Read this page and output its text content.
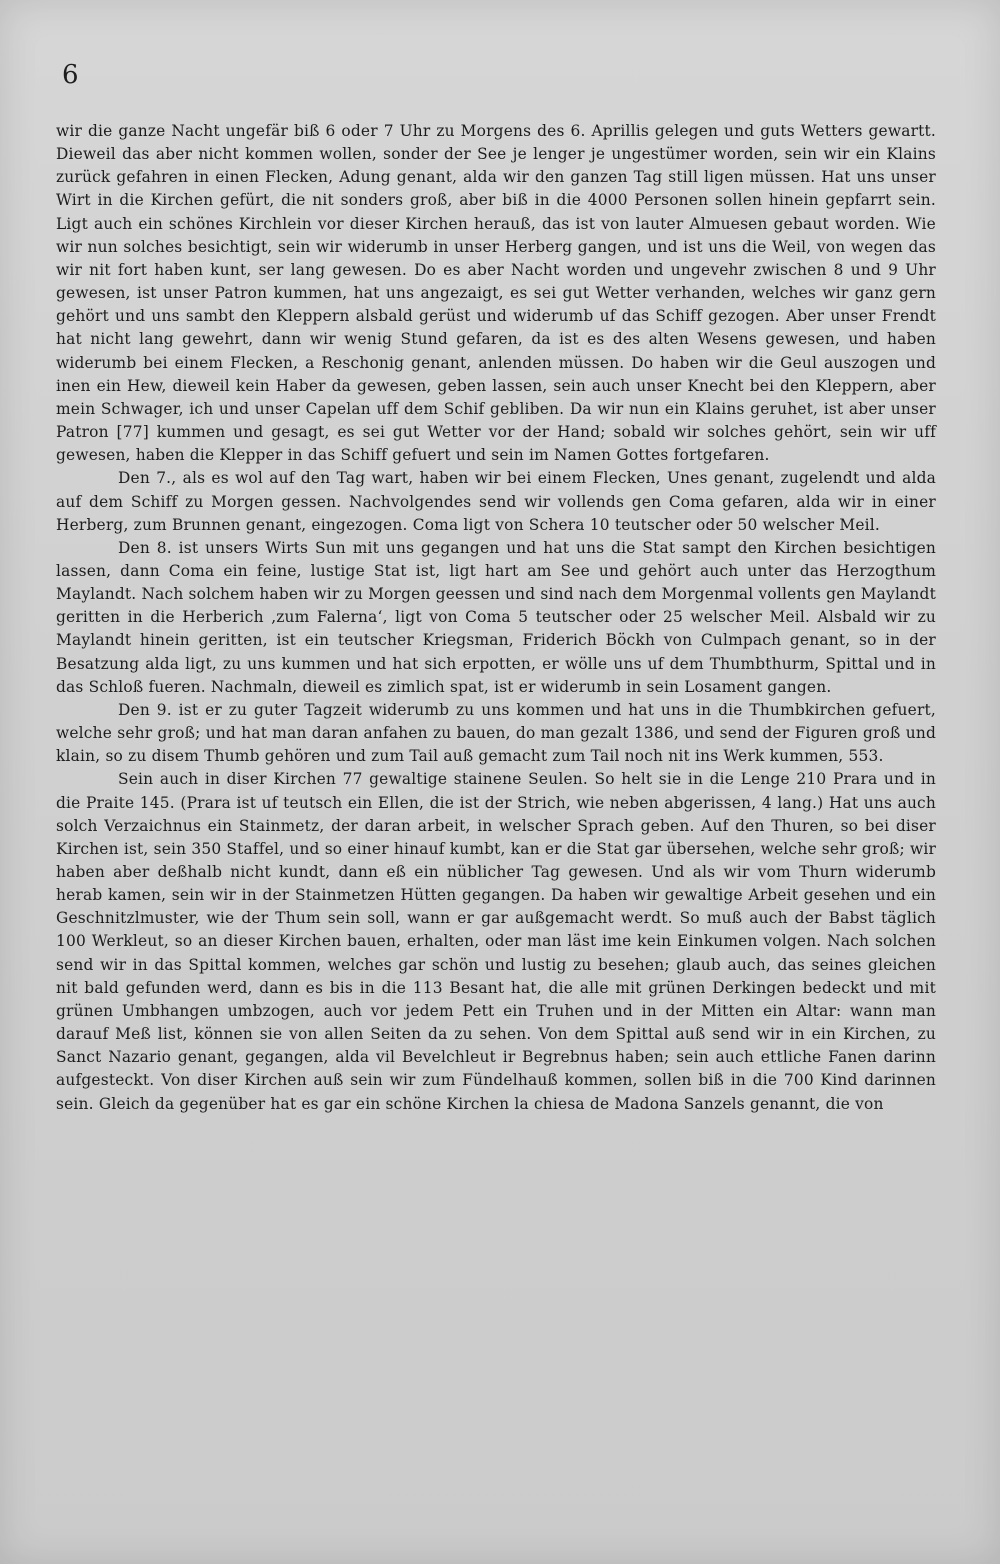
6

wir die ganze Nacht ungefär biß 6 oder 7 Uhr zu Morgens des 6. Aprillis gelegen und guts Wetters gewartt. Dieweil das aber nicht kommen wollen, sonder der See je lenger je ungestümer worden, sein wir ein Klains zurück gefahren in einen Flecken, Adung genant, alda wir den ganzen Tag still ligen müssen. Hat uns unser Wirt in die Kirchen gefürt, die nit sonders groß, aber biß in die 4000 Personen sollen hinein gepfarrt sein. Ligt auch ein schönes Kirchlein vor dieser Kirchen herauß, das ist von lauter Almuesen gebaut worden. Wie wir nun solches besichtigt, sein wir widerumb in unser Herberg gangen, und ist uns die Weil, von wegen das wir nit fort haben kunt, ser lang gewesen. Do es aber Nacht worden und ungevehr zwischen 8 und 9 Uhr gewesen, ist unser Patron kummen, hat uns angezaigt, es sei gut Wetter verhanden, welches wir ganz gern gehört und uns sambt den Kleppern alsbald gerüst und widerumb uf das Schiff gezogen. Aber unser Frendt hat nicht lang gewehrt, dann wir wenig Stund gefaren, da ist es des alten Wesens gewesen, und haben widerumb bei einem Flecken, a Reschonig genant, anlenden müssen. Do haben wir die Geul auszogen und inen ein Hew, dieweil kein Haber da gewesen, geben lassen, sein auch unser Knecht bei den Kleppern, aber mein Schwager, ich und unser Capelan uff dem Schif gebliben. Da wir nun ein Klains geruhet, ist aber unser Patron [77] kummen und gesagt, es sei gut Wetter vor der Hand; sobald wir solches gehört, sein wir uff gewesen, haben die Klepper in das Schiff gefuert und sein im Namen Gottes fortgefaren.

Den 7., als es wol auf den Tag wart, haben wir bei einem Flecken, Unes genant, zugelendt und alda auf dem Schiff zu Morgen gessen. Nachvolgendes send wir vollends gen Coma gefaren, alda wir in einer Herberg, zum Brunnen genant, eingezogen. Coma ligt von Schera 10 teutscher oder 50 welscher Meil.

Den 8. ist unsers Wirts Sun mit uns gegangen und hat uns die Stat sampt den Kirchen besichtigen lassen, dann Coma ein feine, lustige Stat ist, ligt hart am See und gehört auch unter das Herzogthum Maylandt. Nach solchem haben wir zu Morgen geessen und sind nach dem Morgenmal vollents gen Maylandt geritten in die Herberich ‚zum Falerna‘, ligt von Coma 5 teutscher oder 25 welscher Meil. Alsbald wir zu Maylandt hinein geritten, ist ein teutscher Kriegsman, Friderich Böckh von Culmpach genant, so in der Besatzung alda ligt, zu uns kummen und hat sich erpotten, er wölle uns uf dem Thumbthurm, Spittal und in das Schloß fueren. Nachmaln, dieweil es zimlich spat, ist er widerumb in sein Losament gangen.

Den 9. ist er zu guter Tagzeit widerumb zu uns kommen und hat uns in die Thumbkirchen gefuert, welche sehr groß; und hat man daran anfahen zu bauen, do man gezalt 1386, und send der Figuren groß und klain, so zu disem Thumb gehören und zum Tail auß gemacht zum Tail noch nit ins Werk kummen, 553.

Sein auch in diser Kirchen 77 gewaltige stainene Seulen. So helt sie in die Lenge 210 Prara und in die Praite 145. (Prara ist uf teutsch ein Ellen, die ist der Strich, wie neben abgerissen, 4 lang.) Hat uns auch solch Verzaichnus ein Stainmetz, der daran arbeit, in welscher Sprach geben. Auf den Thuren, so bei diser Kirchen ist, sein 350 Staffel, und so einer hinauf kumbt, kan er die Stat gar übersehen, welche sehr groß; wir haben aber deßhalb nicht kundt, dann eß ein nüblicher Tag gewesen. Und als wir vom Thurn widerumb herab kamen, sein wir in der Stainmetzen Hütten gegangen. Da haben wir gewaltige Arbeit gesehen und ein Geschnitzlmuster, wie der Thum sein soll, wann er gar außgemacht werdt. So muß auch der Babst täglich 100 Werkleut, so an dieser Kirchen bauen, erhalten, oder man läst ime kein Einkumen volgen. Nach solchen send wir in das Spittal kommen, welches gar schön und lustig zu besehen; glaub auch, das seines gleichen nit bald gefunden werd, dann es bis in die 113 Besant hat, die alle mit grünen Derkingen bedeckt und mit grünen Umbhangen umbzogen, auch vor jedem Pett ein Truhen und in der Mitten ein Altar: wann man darauf Meß list, können sie von allen Seiten da zu sehen. Von dem Spittal auß send wir in ein Kirchen, zu Sanct Nazario genant, gegangen, alda vil Bevelchleut ir Begrebnus haben; sein auch ettliche Fanen darinn aufgesteckt. Von diser Kirchen auß sein wir zum Fündelhauß kommen, sollen biß in die 700 Kind darinnen sein. Gleich da gegenüber hat es gar ein schöne Kirchen la chiesa de Madona Sanzels genannt, die von
